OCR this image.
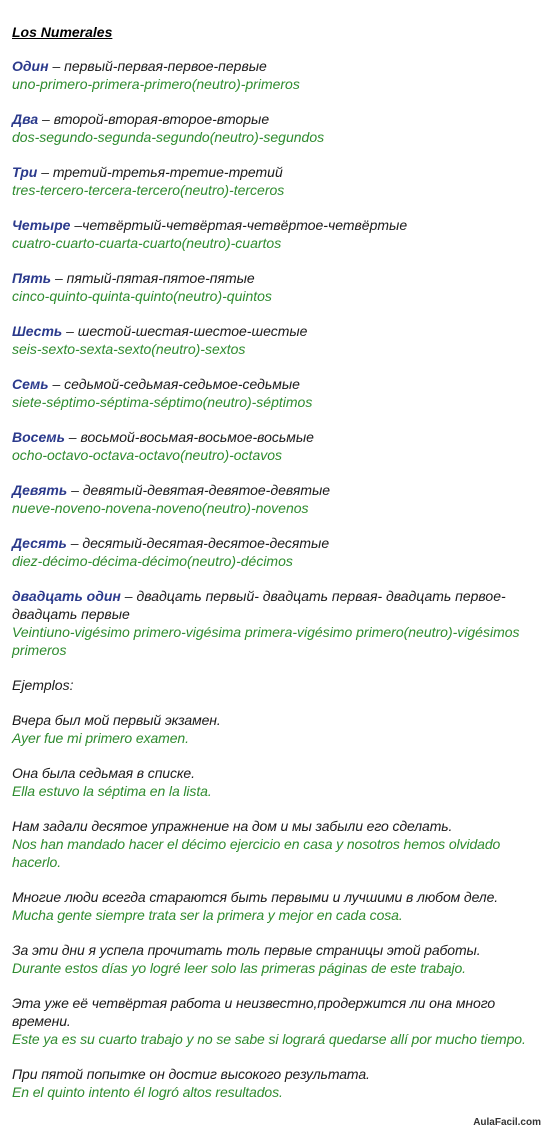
Los Numerales
Один – первый-первая-первое-первые
uno-primero-primera-primero(neutro)-primeros
Два – второй-вторая-второе-вторые
dos-segundo-segunda-segundo(neutro)-segundos
Три – третий-третья-третие-третий
tres-tercero-tercera-tercero(neutro)-terceros
Четыре –четвёртый-четвёртая-четвёртое-четвёртые
cuatro-cuarto-cuarta-cuarto(neutro)-cuartos
Пять – пятый-пятая-пятое-пятые
cinco-quinto-quinta-quinto(neutro)-quintos
Шесть – шестой-шестая-шестое-шестые
seis-sexto-sexta-sexto(neutro)-sextos
Семь – седьмой-седьмая-седьмое-седьмые
siete-séptimo-séptima-séptimo(neutro)-séptimos
Восемь – восьмой-восьмая-восьмое-восьмые
ocho-octavo-octava-octavo(neutro)-octavos
Девять – девятый-девятая-девятое-девятые
nueve-noveno-novena-noveno(neutro)-novenos
Десять – десятый-десятая-десятое-десятые
diez-décimo-décima-décimo(neutro)-décimos
двадцать один – двадцать первый- двадцать первая- двадцать первое-двадцать первые
Veintiuno-vigésimo primero-vigésima primera-vigésimo primero(neutro)-vigésimos primeros
Ejemplos:
Вчера был мой первый экзамен.
Ayer fue mi primero examen.
Она была седьмая в списке.
Ella estuvo la séptima en la lista.
Нам задали десятое упражнение на дом и мы забыли его сделать.
Nos han mandado hacer el décimo ejercicio en casa y nosotros hemos olvidado hacerlo.
Многие люди всегда стараются быть первыми и лучшими в любом деле.
Mucha gente siempre trata ser la primera y mejor en cada cosa.
За эти дни я успела прочитать толь первые страницы этой работы.
Durante estos días yo logré leer solo las primeras páginas de este trabajo.
Эта уже её четвёртая работа и неизвестно,продержится ли она много времени.
Este ya es su cuarto trabajo y no se sabe si logrará quedarse allí por mucho tiempo.
При пятой попытке он достиг высокого результата.
En el quinto intento él logró altos resultados.
AulaFacil.com
